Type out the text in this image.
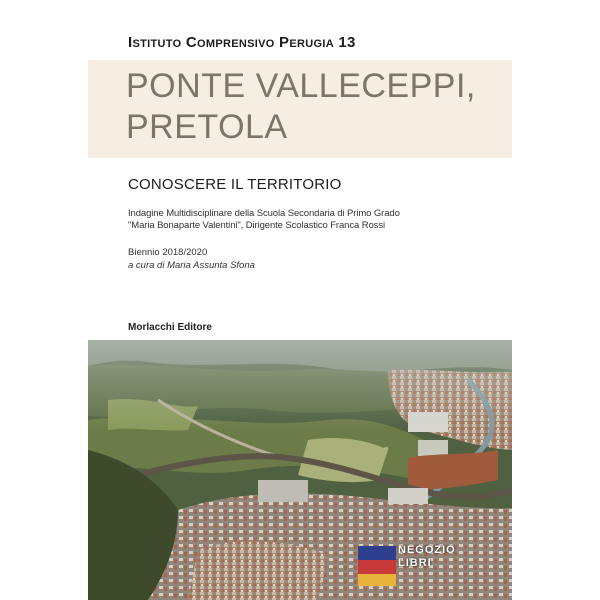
Istituto Comprensivo Perugia 13
PONTE VALLECEPPI,
PRETOLA
CONOSCERE IL TERRITORIO
Indagine Multidisciplinare della Scuola Secondaria di Primo Grado
"Maria Bonaparte Valentini", Dirigente Scolastico Franca Rossi
Biennio 2018/2020
a cura di Maria Assunta Sfona
Morlacchi Editore
NEGOZIO
LIBRI
